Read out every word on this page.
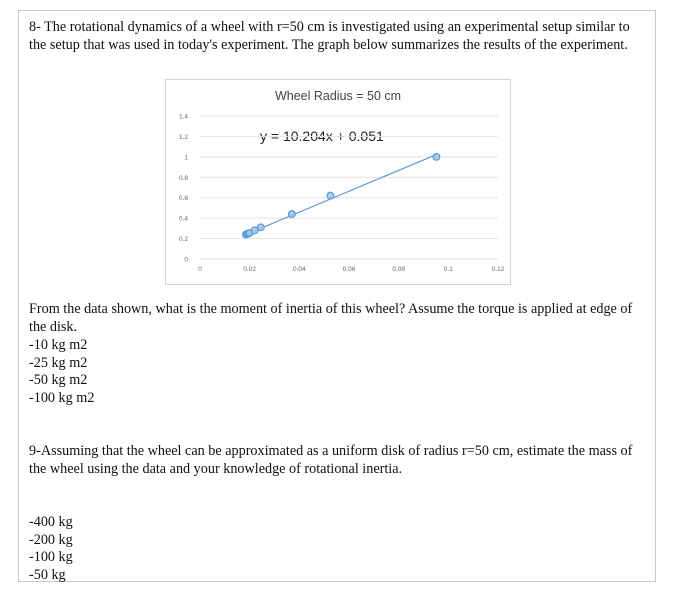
8- The rotational dynamics of a wheel with r=50 cm is investigated using an experimental setup similar to the setup that was used in today's experiment. The graph below summarizes the results of the experiment.

Wheel Radius = 50 cm
y = 10.204x + 0.051
0
0.2
0.4
0.6
0.8
1
1.2
1.4
0	0.02	0.04	0.06	0.08	0.1	0.12

From the data shown, what is the moment of inertia of this wheel? Assume the torque is applied at edge of the disk.

-10 kg m2
-25 kg m2
-50 kg m2
-100 kg m2

9-Assuming that the wheel can be approximated as a uniform disk of radius r=50 cm, estimate the mass of the wheel using the data and your knowledge of rotational inertia.

-400 kg
-200 kg
-100 kg
-50 kg
